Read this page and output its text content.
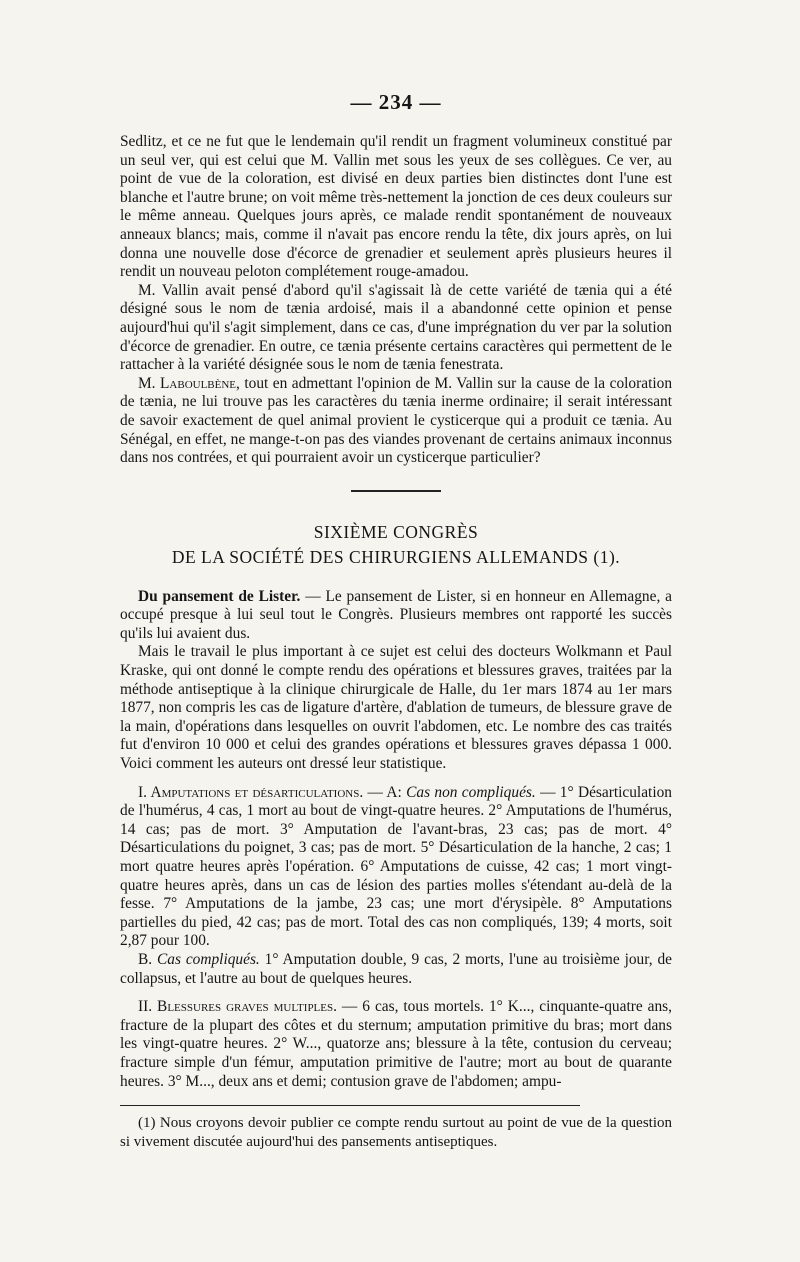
— 234 —

Sedlitz, et ce ne fut que le lendemain qu'il rendit un fragment volumineux constitué par un seul ver, qui est celui que M. Vallin met sous les yeux de ses collègues. Ce ver, au point de vue de la coloration, est divisé en deux parties bien distinctes dont l'une est blanche et l'autre brune; on voit même très-nettement la jonction de ces deux couleurs sur le même anneau. Quelques jours après, ce malade rendit spontanément de nouveaux anneaux blancs; mais, comme il n'avait pas encore rendu la tête, dix jours après, on lui donna une nouvelle dose d'écorce de grenadier et seulement après plusieurs heures il rendit un nouveau peloton complétement rouge-amadou.

M. Vallin avait pensé d'abord qu'il s'agissait là de cette variété de tænia qui a été désigné sous le nom de tænia ardoisé, mais il a abandonné cette opinion et pense aujourd'hui qu'il s'agit simplement, dans ce cas, d'une imprégnation du ver par la solution d'écorce de grenadier. En outre, ce tænia présente certains caractères qui permettent de le rattacher à la variété désignée sous le nom de tænia fenestrata.

M. Laboulbène, tout en admettant l'opinion de M. Vallin sur la cause de la coloration de tænia, ne lui trouve pas les caractères du tænia inerme ordinaire; il serait intéressant de savoir exactement de quel animal provient le cysticerque qui a produit ce tænia. Au Sénégal, en effet, ne mange-t-on pas des viandes provenant de certains animaux inconnus dans nos contrées, et qui pourraient avoir un cysticerque particulier?

SIXIÈME CONGRÈS
DE LA SOCIÉTÉ DES CHIRURGIENS ALLEMANDS (1).

Du pansement de Lister. — Le pansement de Lister, si en honneur en Allemagne, a occupé presque à lui seul tout le Congrès. Plusieurs membres ont rapporté les succès qu'ils lui avaient dus.

Mais le travail le plus important à ce sujet est celui des docteurs Wolkmann et Paul Kraske, qui ont donné le compte rendu des opérations et blessures graves, traitées par la méthode antiseptique à la clinique chirurgicale de Halle, du 1er mars 1874 au 1er mars 1877, non compris les cas de ligature d'artère, d'ablation de tumeurs, de blessure grave de la main, d'opérations dans lesquelles on ouvrit l'abdomen, etc. Le nombre des cas traités fut d'environ 10 000 et celui des grandes opérations et blessures graves dépassa 1 000. Voici comment les auteurs ont dressé leur statistique.

I. Amputations et désarticulations. — A: Cas non compliqués. — 1° Désarticulation de l'humérus, 4 cas, 1 mort au bout de vingt-quatre heures. 2° Amputations de l'humérus, 14 cas; pas de mort. 3° Amputation de l'avant-bras, 23 cas; pas de mort. 4° Désarticulations du poignet, 3 cas; pas de mort. 5° Désarticulation de la hanche, 2 cas; 1 mort quatre heures après l'opération. 6° Amputations de cuisse, 42 cas; 1 mort vingt-quatre heures après, dans un cas de lésion des parties molles s'étendant au-delà de la fesse. 7° Amputations de la jambe, 23 cas; une mort d'érysipèle. 8° Amputations partielles du pied, 42 cas; pas de mort. Total des cas non compliqués, 139; 4 morts, soit 2,87 pour 100.

B. Cas compliqués. 1° Amputation double, 9 cas, 2 morts, l'une au troisième jour, de collapsus, et l'autre au bout de quelques heures.

II. Blessures graves multiples. — 6 cas, tous mortels. 1° K..., cinquante-quatre ans, fracture de la plupart des côtes et du sternum; amputation primitive du bras; mort dans les vingt-quatre heures. 2° W..., quatorze ans; blessure à la tête, contusion du cerveau; fracture simple d'un fémur, amputation primitive de l'autre; mort au bout de quarante heures. 3° M..., deux ans et demi; contusion grave de l'abdomen; ampu-

(1) Nous croyons devoir publier ce compte rendu surtout au point de vue de la question si vivement discutée aujourd'hui des pansements antiseptiques.
